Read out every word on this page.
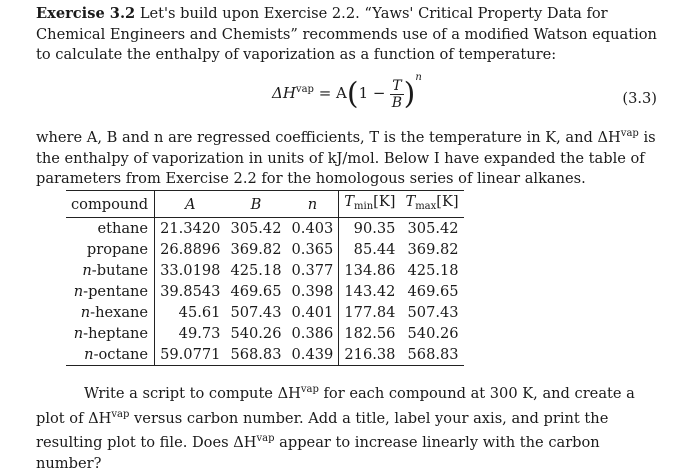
Exercise 3.2 Let's build upon Exercise 2.2. “Yaws' Critical Property Data for Chemical Engineers and Chemists” recommends use of a modified Watson equation to calculate the enthalpy of vaporization as a function of temperature:

$\Delta H^{vap} = A(1 - \frac{T}{B} )^n$
(3.3)

where A, B and n are regressed coefficients, T is the temperature in K, and $\Delta H^{vap}$ is the enthalpy of vaporization in units of kJ/mol. Below I have expanded the table of parameters from Exercise 2.2 for the homologous series of linear alkanes.

compound	A	B	n	$T_{min}[K]$	$T_{max}[K]$
ethane	21.3420	305.42	0.403	90.35	305.42
propane	26.8896	369.82	0.365	85.44	369.82
n-butane	33.0198	425.18	0.377	134.86	425.18
n-pentane	39.8543	469.65	0.398	143.42	469.65
n-hexane	45.61	507.43	0.401	177.84	507.43
n-heptane	49.73	540.26	0.386	182.56	540.26
n-octane	59.0771	568.83	0.439	216.38	568.83

Write a script to compute $\Delta H^{vap}$ for each compound at 300 K, and create a plot of $\Delta H^{vap}$ versus carbon number. Add a title, label your axis, and print the resulting plot to file. Does $\Delta H^{vap}$ appear to increase linearly with the carbon number?
